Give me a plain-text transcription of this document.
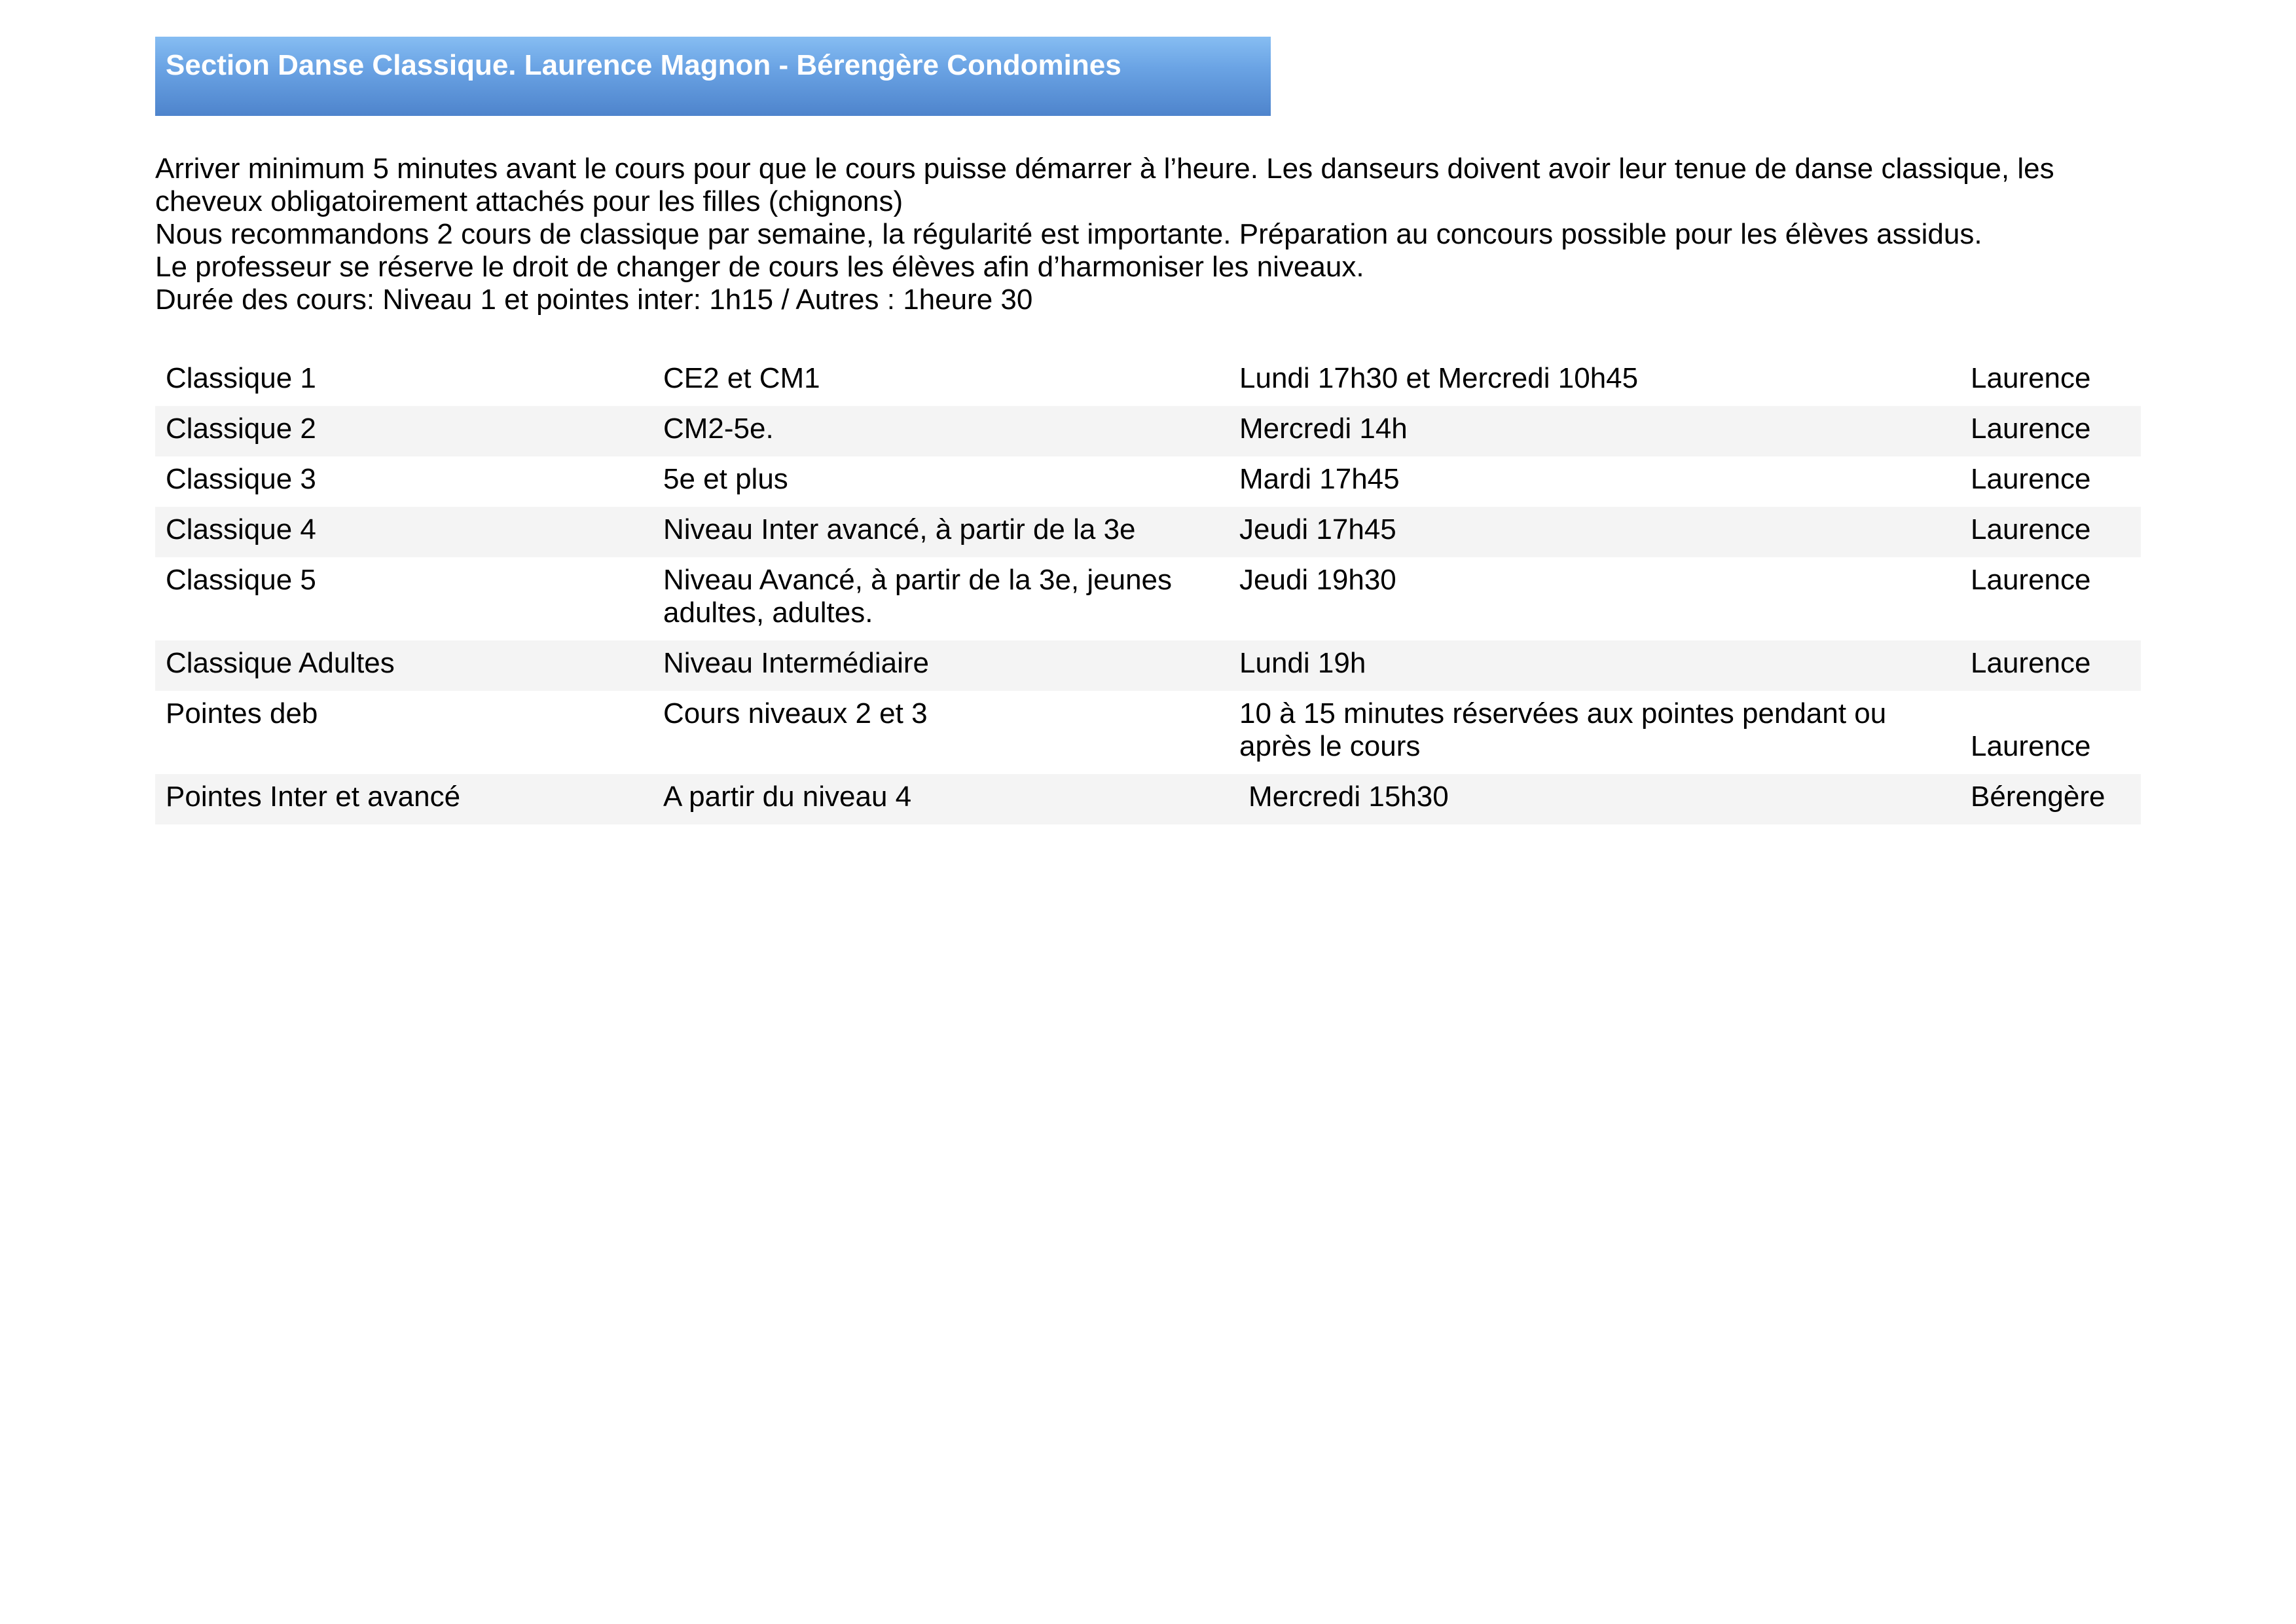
Section Danse Classique. Laurence Magnon - Bérengère Condomines

Arriver minimum 5 minutes avant le cours pour que le cours puisse démarrer à l’heure. Les danseurs doivent avoir leur tenue de danse classique, les cheveux obligatoirement attachés pour les filles (chignons)

Nous recommandons 2 cours de classique par semaine, la régularité est importante. Préparation au concours possible pour les élèves assidus.

Le professeur se réserve le droit de changer de cours les élèves afin d’harmoniser les niveaux.

Durée des cours: Niveau 1 et pointes inter: 1h15 / Autres : 1heure 30

Classique 1	CE2 et CM1	Lundi 17h30 et Mercredi 10h45	Laurence
Classique 2	CM2-5e.	Mercredi 14h	Laurence
Classique 3	5e et plus	Mardi 17h45	Laurence
Classique 4	Niveau Inter avancé, à partir de la 3e	Jeudi 17h45	Laurence
Classique 5	Niveau Avancé, à partir de la 3e, jeunes adultes, adultes.	Jeudi 19h30	Laurence
Classique Adultes	Niveau Intermédiaire	Lundi 19h	Laurence
Pointes deb	Cours niveaux 2 et 3	10 à 15 minutes réservées aux pointes pendant ou après le cours	Laurence
Pointes Inter et avancé	A partir du niveau 4	Mercredi 15h30	Bérengère
